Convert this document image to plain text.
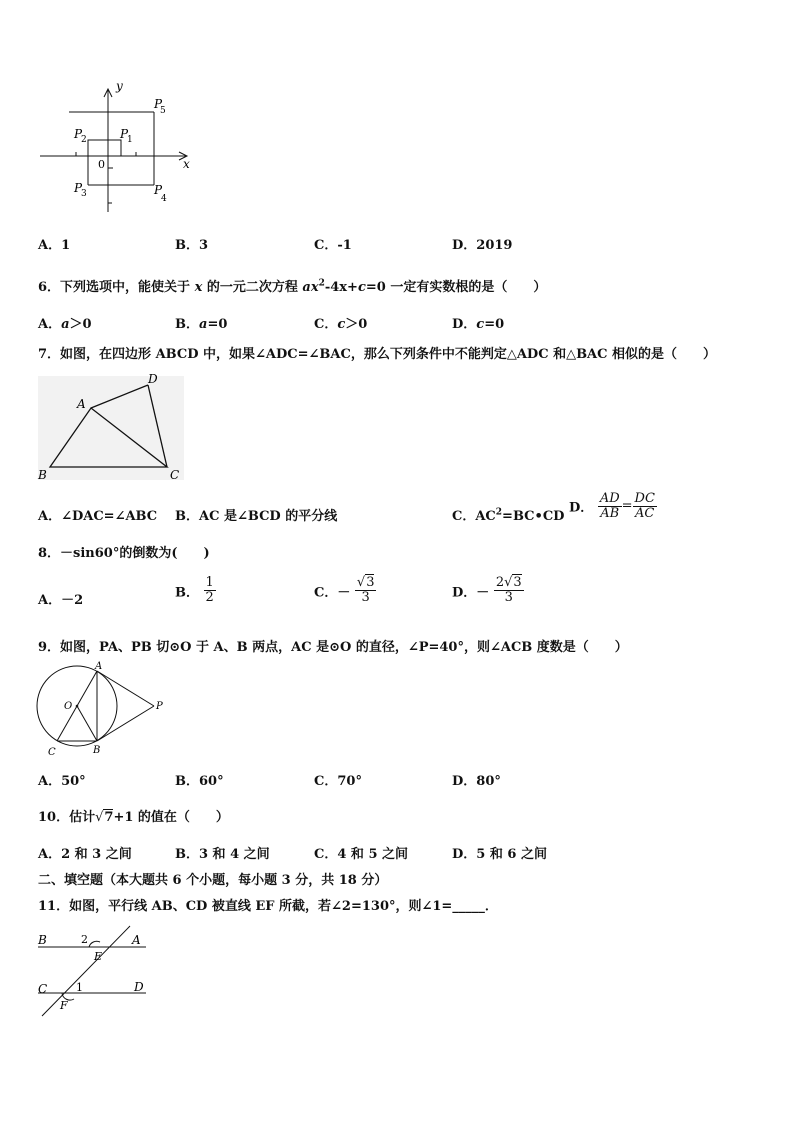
y
x
0
P
1
P
2
P
3	P
4
P
5
A．1	B．3	C．-1	D．2019
6．下列选项中，能使关于 x 的一元二次方程 $ax^2-4x+c=0$ 一定有实数根的是（　　）
A．a＞0	B．a=0	C．c＞0	D．c=0
7．如图，在四边形 ABCD 中，如果∠ADC=∠BAC，那么下列条件中不能判定△ADC 和△BAC 相似的是（　　）
A
B	C
D
A．∠DAC=∠ABC B．AC 是∠BCD 的平分线	C．$AC^2=BC•CD$
D． $\frac{AD}{AB} = \frac{DC}{AC}$
8．－sin60°的倒数为(　　)
A．－2
B． $\frac{1}{2}$	C．－ $\frac{√3}{3}$	D．－ $\frac{2√3}{3}$
9．如图，PA、PB 切⊙O 于 A、B 两点，AC 是⊙O 的直径，∠P=40°，则∠ACB 度数是（　　）
A
B
C
O	P
A．50°	B．60°	C．70°	D．80°
10．估计√7+1 的值在（　　）
A．2 和 3 之间	B．3 和 4 之间	C．4 和 5 之间	D．5 和 6 之间
二、填空题（本大题共 6 个小题，每小题 3 分，共 18 分）
11．如图，平行线 AB、CD 被直线 EF 所截，若∠2=130°，则∠1=_____．
B	A
C	D
E
F
1
2
